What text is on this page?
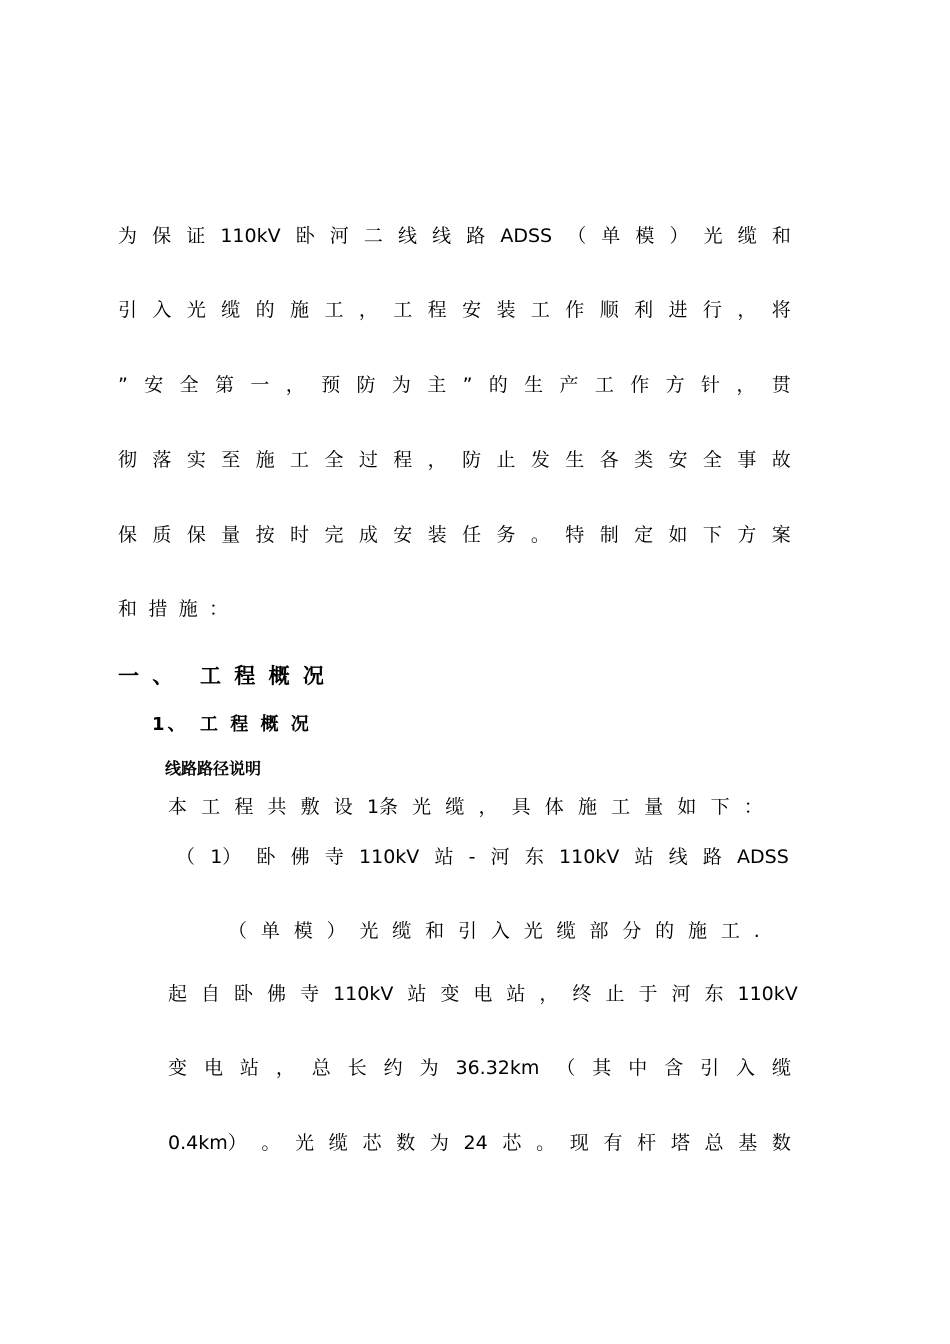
为 保 证 110kV 卧 河 二 线 线 路 ADSS （ 单 模 ） 光 缆 和
引 入 光 缆 的 施 工 ， 工 程 安 装 工 作 顺 利 进 行 ， 将
” 安 全 第 一 ， 预 防 为 主 ” 的 生 产 工 作 方 针 ， 贯
彻 落 实 至 施 工 全 过 程 ， 防 止 发 生 各 类 安 全 事 故
保 质 保 量 按 时 完 成 安 装 任 务 。 特 制 定 如 下 方 案
和 措 施 ：
一 、 工 程 概 况
1、 工 程 概 况
线路路径说明
本 工 程 共 敷 设 1条 光 缆 ， 具 体 施 工 量 如 下 ：
（ 1） 卧 佛 寺 110kV 站 - 河 东 110kV 站 线 路 ADSS
（ 单 模 ） 光 缆 和 引 入 光 缆 部 分 的 施 工 .
起 自 卧 佛 寺 110kV 站 变 电 站 ， 终 止 于 河 东 110kV
变 电 站 ， 总 长 约 为 36.32km （ 其 中 含 引 入 缆
0.4km） 。 光 缆 芯 数 为 24 芯 。 现 有 杆 塔 总 基 数
